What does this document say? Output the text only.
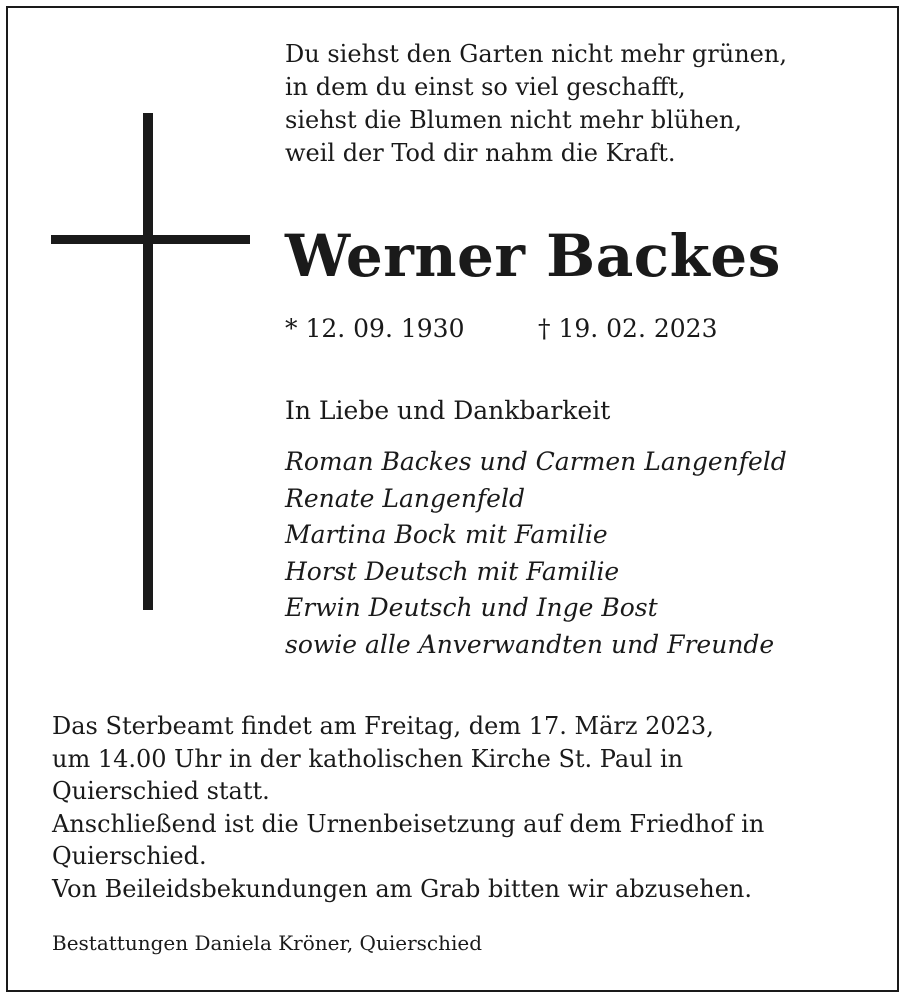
Du siehst den Garten nicht mehr grünen,
in dem du einst so viel geschafft,
siehst die Blumen nicht mehr blühen,
weil der Tod dir nahm die Kraft.
Werner Backes
* 12. 09. 1930	† 19. 02. 2023
In Liebe und Dankbarkeit
Roman Backes und Carmen Langenfeld
Renate Langenfeld
Martina Bock mit Familie
Horst Deutsch mit Familie
Erwin Deutsch und Inge Bost
sowie alle Anverwandten und Freunde
Das Sterbeamt findet am Freitag, dem 17. März 2023,
um 14.00 Uhr in der katholischen Kirche St. Paul in
Quierschied statt.
Anschließend ist die Urnenbeisetzung auf dem Friedhof in
Quierschied.
Von Beileidsbekundungen am Grab bitten wir abzusehen.
Bestattungen Daniela Kröner, Quierschied
